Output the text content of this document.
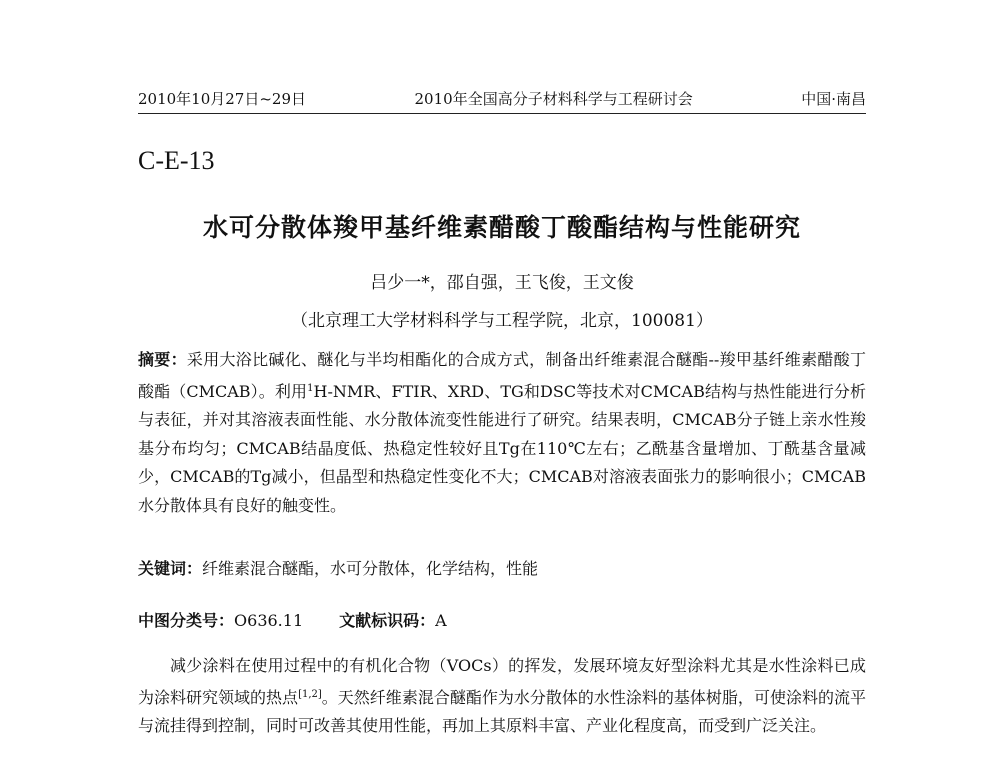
2010年10月27日~29日	2010年全国高分子材料科学与工程研讨会	中国·南昌
C-E-13
水可分散体羧甲基纤维素醋酸丁酸酯结构与性能研究
吕少一*，邵自强，王飞俊，王文俊
（北京理工大学材料科学与工程学院，北京，100081）
摘要：采用大浴比碱化、醚化与半均相酯化的合成方式，制备出纤维素混合醚酯--羧甲基纤维素醋酸丁酸酯（CMCAB）。利用$^1$H-NMR、FTIR、XRD、TG和DSC等技术对CMCAB结构与热性能进行分析与表征，并对其溶液表面性能、水分散体流变性能进行了研究。结果表明，CMCAB分子链上亲水性羧基分布均匀；CMCAB结晶度低、热稳定性较好且Tg在110℃左右；乙酰基含量增加、丁酰基含量减少，CMCAB的Tg减小，但晶型和热稳定性变化不大；CMCAB对溶液表面张力的影响很小；CMCAB水分散体具有良好的触变性。
关键词：纤维素混合醚酯，水可分散体，化学结构，性能
中图分类号：O636.11 文献标识码：A
减少涂料在使用过程中的有机化合物（VOCs）的挥发，发展环境友好型涂料尤其是水性涂料已成为涂料研究领域的热点[1,2]。天然纤维素混合醚酯作为水分散体的水性涂料的基体树脂，可使涂料的流平与流挂得到控制，同时可改善其使用性能，再加上其原料丰富、产业化程度高，而受到广泛关注。
